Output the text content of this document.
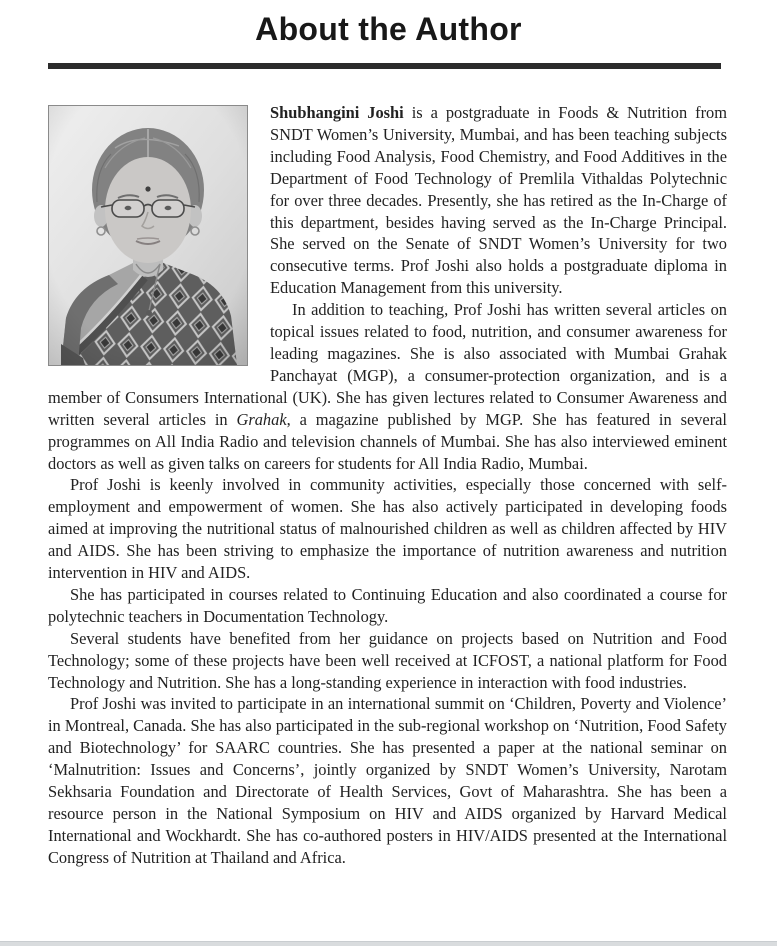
About the Author

Shubhangini Joshi is a postgraduate in Foods & Nutrition from SNDT Women’s University, Mumbai, and has been teaching subjects including Food Analysis, Food Chemistry, and Food Additives in the Department of Food Technology of Premlila Vithaldas Polytechnic for over three decades. Presently, she has retired as the In-Charge of this department, besides having served as the In-Charge Principal. She served on the Senate of SNDT Women’s University for two consecutive terms. Prof Joshi also holds a postgraduate diploma in Education Management from this university.

In addition to teaching, Prof Joshi has written several articles on topical issues related to food, nutrition, and consumer awareness for leading magazines. She is also associated with Mumbai Grahak Panchayat (MGP), a consumer-protection organization, and is a member of Consumers International (UK). She has given lectures related to Consumer Awareness and written several articles in Grahak, a magazine published by MGP. She has featured in several programmes on All India Radio and television channels of Mumbai. She has also interviewed eminent doctors as well as given talks on careers for students for All India Radio, Mumbai.

Prof Joshi is keenly involved in community activities, especially those concerned with self-employment and empowerment of women. She has also actively participated in developing foods aimed at improving the nutritional status of malnourished children as well as children affected by HIV and AIDS. She has been striving to emphasize the importance of nutrition awareness and nutrition intervention in HIV and AIDS.

She has participated in courses related to Continuing Education and also coordinated a course for polytechnic teachers in Documentation Technology.

Several students have benefited from her guidance on projects based on Nutrition and Food Technology; some of these projects have been well received at ICFOST, a national platform for Food Technology and Nutrition. She has a long-standing experience in interaction with food industries.

Prof Joshi was invited to participate in an international summit on ‘Children, Poverty and Violence’ in Montreal, Canada. She has also participated in the sub-regional workshop on ‘Nutrition, Food Safety and Biotechnology’ for SAARC countries. She has presented a paper at the national seminar on ‘Malnutrition: Issues and Concerns’, jointly organized by SNDT Women’s University, Narotam Sekhsaria Foundation and Directorate of Health Services, Govt of Maharashtra. She has been a resource person in the National Symposium on HIV and AIDS organized by Harvard Medical International and Wockhardt. She has co-authored posters in HIV/AIDS presented at the International Congress of Nutrition at Thailand and Africa.
